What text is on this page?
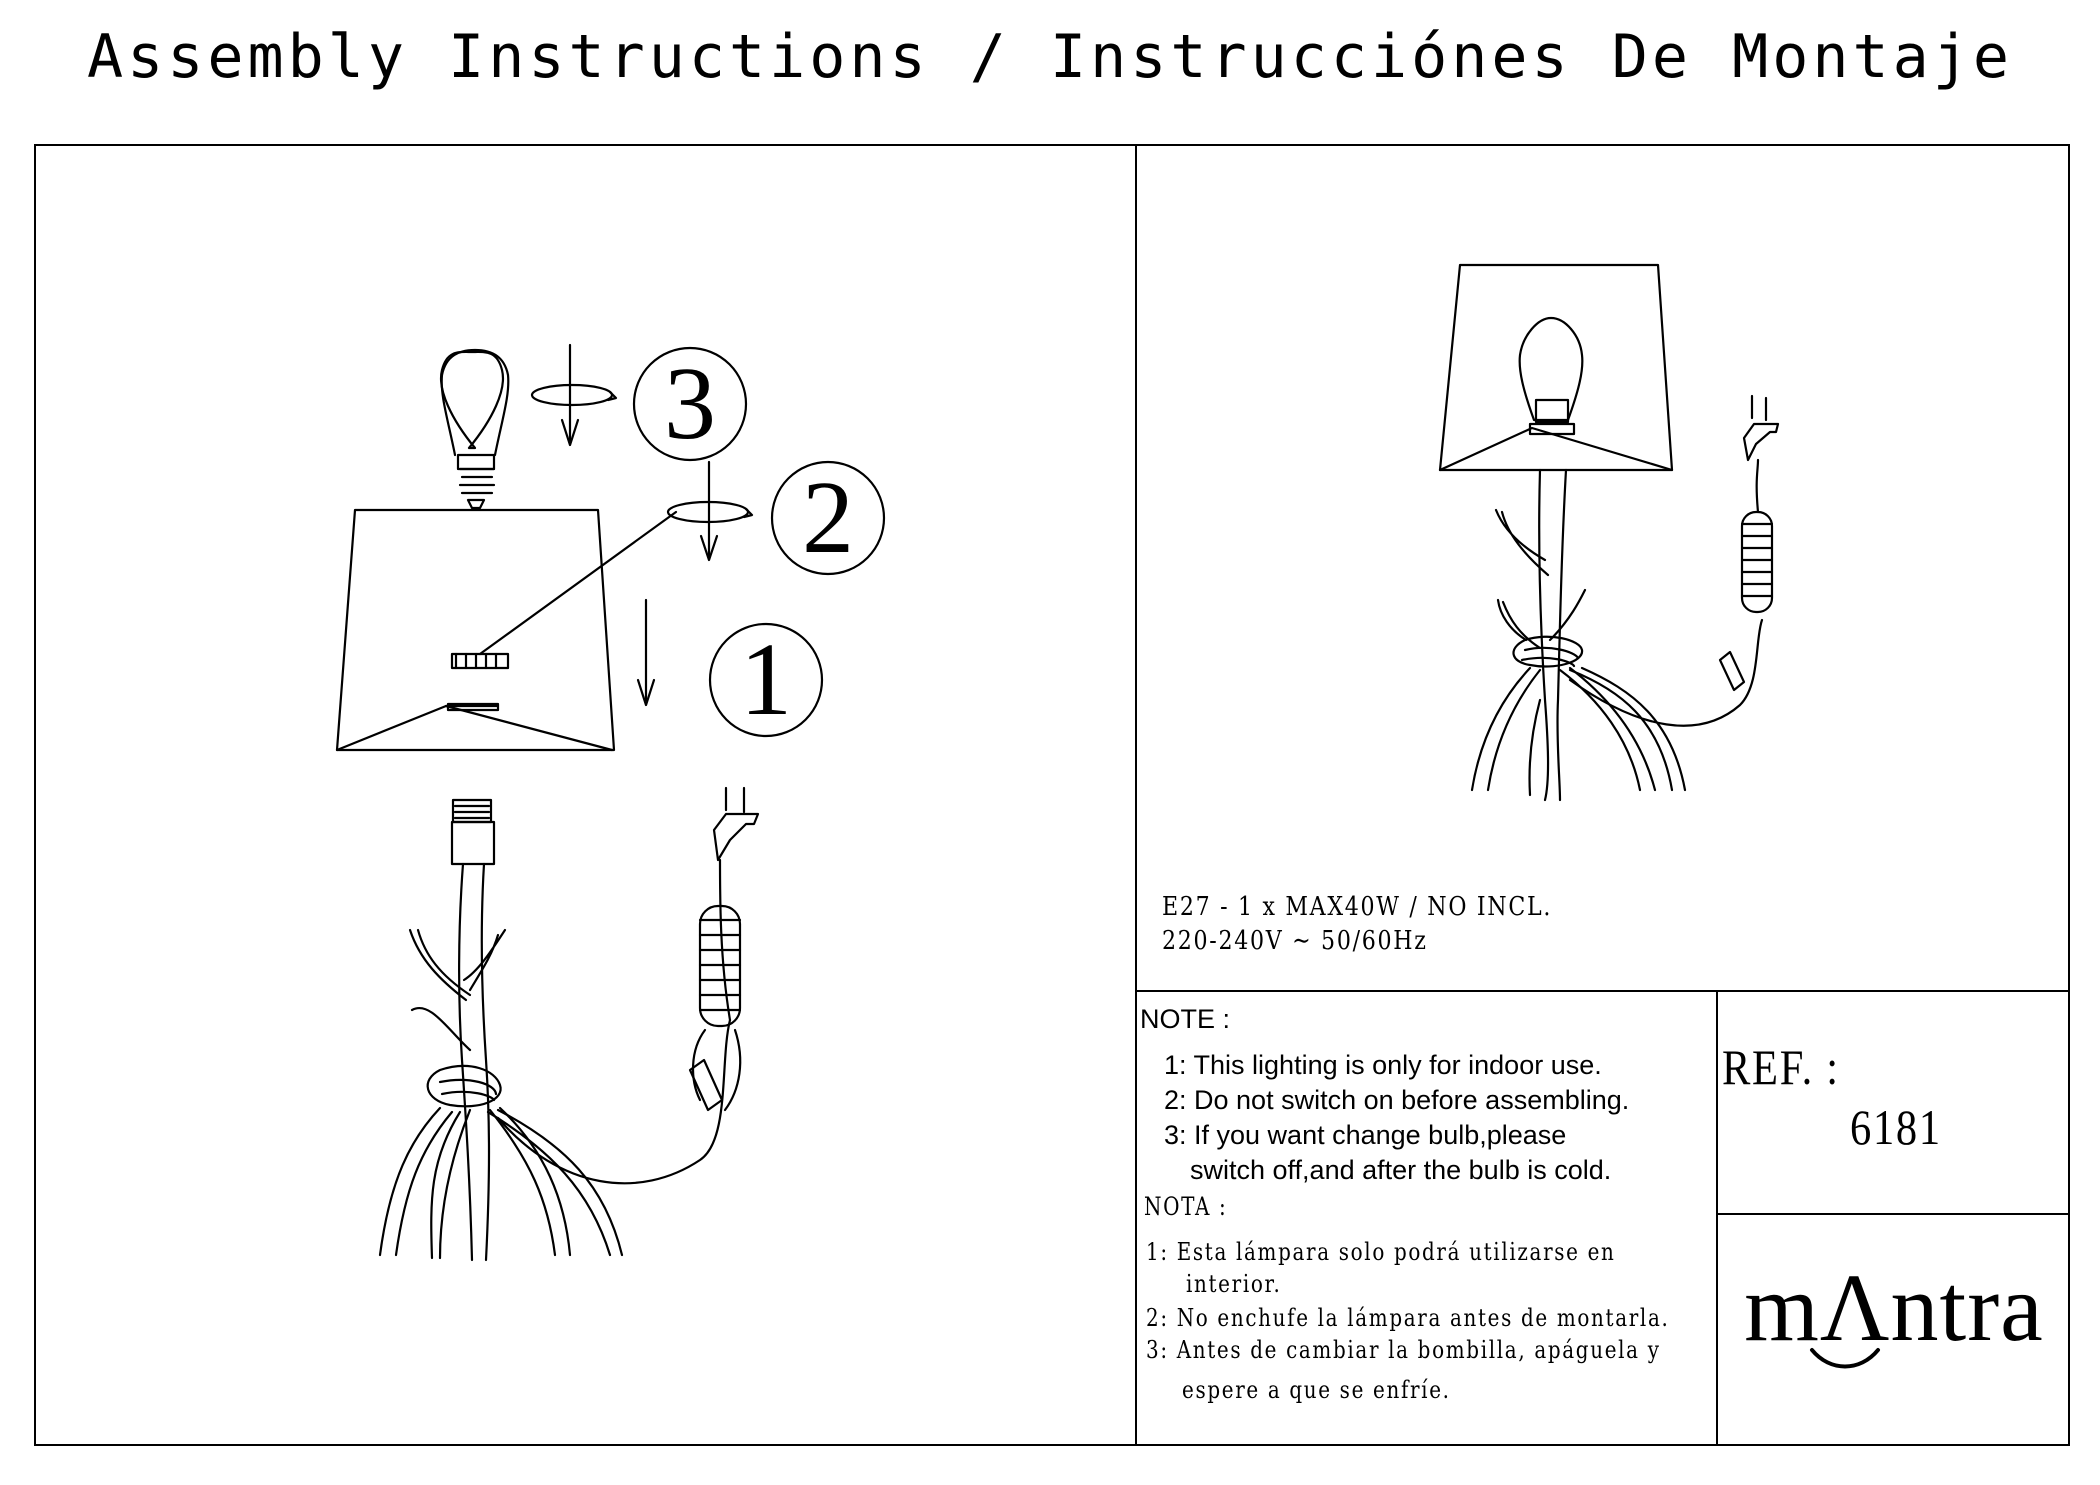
Assembly Instructions / Instrucciónes De Montaje
3
2
1
E27 - 1 x MAX40W / NO INCL.
220-240V ∼ 50/60Hz
NOTE :
1: This lighting is only for indoor use.
2: Do not switch on before assembling.
3: If you want change bulb,please
switch off,and after the bulb is cold.
NOTA :
1: Esta lámpara solo podrá utilizarse en
interior.
2: No enchufe la lámpara antes de montarla.
3: Antes de cambiar la bombilla, apáguela y
espere a que se enfríe.
REF. :
6181
mΛntra
